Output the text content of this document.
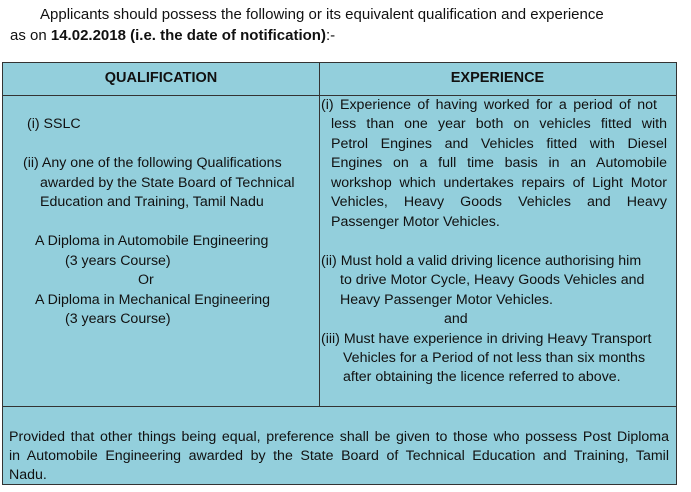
Applicants should possess the following or its equivalent qualification and experience
as on 14.02.2018 (i.e. the date of notification):-
QUALIFICATION	EXPERIENCE
(i) SSLC
(ii) Any one of the following Qualifications
awarded by the State Board of Technical
Education and Training, Tamil Nadu
A Diploma in Automobile Engineering
(3 years Course)
Or
A Diploma in Mechanical Engineering
(3 years Course)
(i) Experience of having worked for a period of not
less than one year both on vehicles fitted with
Petrol Engines and Vehicles fitted with Diesel
Engines on a full time basis in an Automobile
workshop which undertakes repairs of Light Motor
Vehicles, Heavy Goods Vehicles and Heavy
Passenger Motor Vehicles.
(ii) Must hold a valid driving licence authorising him
to drive Motor Cycle, Heavy Goods Vehicles and
Heavy Passenger Motor Vehicles.
and
(iii) Must have experience in driving Heavy Transport
Vehicles for a Period of not less than six months
after obtaining the licence referred to above.
Provided that other things being equal, preference shall be given to those who possess Post Diploma
in Automobile Engineering awarded by the State Board of Technical Education and Training, Tamil
Nadu.
